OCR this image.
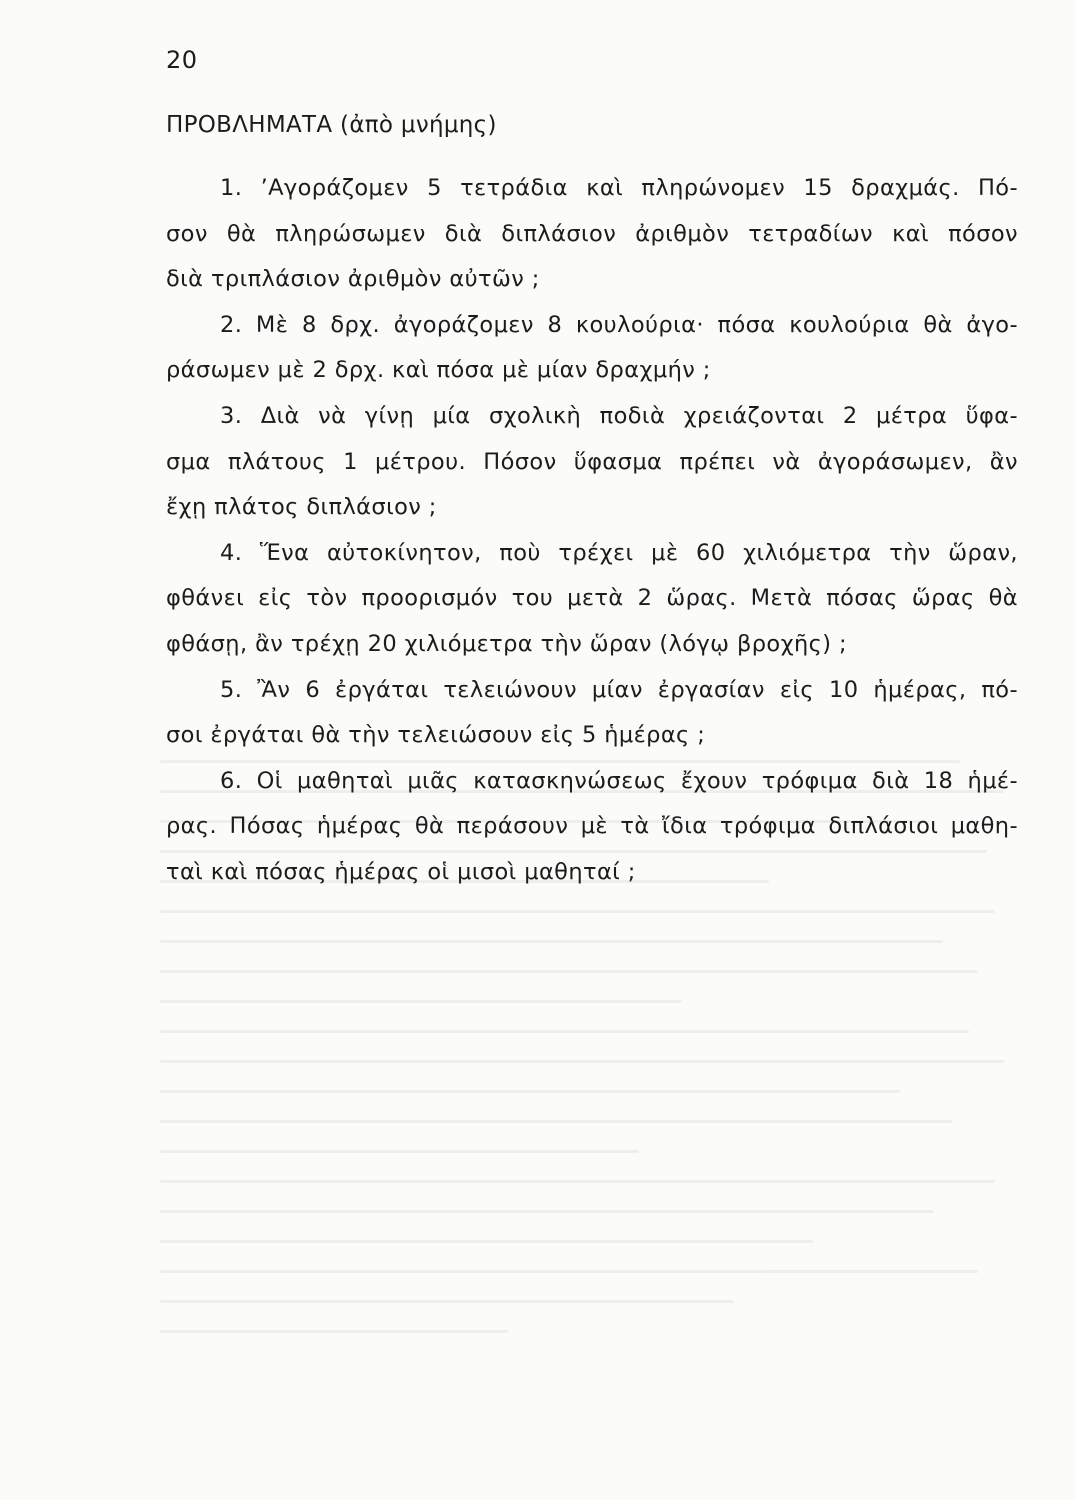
20
ΠΡΟΒΛΗΜΑΤΑ (ἀπὸ μνήμης)
1. ’Αγοράζομεν 5 τετράδια καὶ πληρώνομεν 15 δραχμάς. Πό-
σον θὰ πληρώσωμεν διὰ διπλάσιον ἀριθμὸν τετραδίων καὶ πόσον
διὰ τριπλάσιον ἀριθμὸν αὐτῶν ;
2. Μὲ 8 δρχ. ἀγοράζομεν 8 κουλούρια· πόσα κουλούρια θὰ ἀγο-
ράσωμεν μὲ 2 δρχ. καὶ πόσα μὲ μίαν δραχμήν ;
3. Διὰ νὰ γίνῃ μία σχολικὴ ποδιὰ χρειάζονται 2 μέτρα ὕφα-
σμα πλάτους 1 μέτρου. Πόσον ὕφασμα πρέπει νὰ ἀγοράσωμεν, ἂν
ἔχῃ πλάτος διπλάσιον ;
4. Ἕνα αὐτοκίνητον, ποὺ τρέχει μὲ 60 χιλιόμετρα τὴν ὥραν,
φθάνει εἰς τὸν προορισμόν του μετὰ 2 ὥρας. Μετὰ πόσας ὥρας θὰ
φθάσῃ, ἂν τρέχῃ 20 χιλιόμετρα τὴν ὥραν (λόγῳ βροχῆς) ;
5. Ἂν 6 ἐργάται τελειώνουν μίαν ἐργασίαν εἰς 10 ἡμέρας, πό-
σοι ἐργάται θὰ τὴν τελειώσουν εἰς 5 ἡμέρας ;
6. Οἱ μαθηταὶ μιᾶς κατασκηνώσεως ἔχουν τρόφιμα διὰ 18 ἡμέ-
ρας. Πόσας ἡμέρας θὰ περάσουν μὲ τὰ ἴδια τρόφιμα διπλάσιοι μαθη-
ταὶ καὶ πόσας ἡμέρας οἱ μισοὶ μαθηταί ;
